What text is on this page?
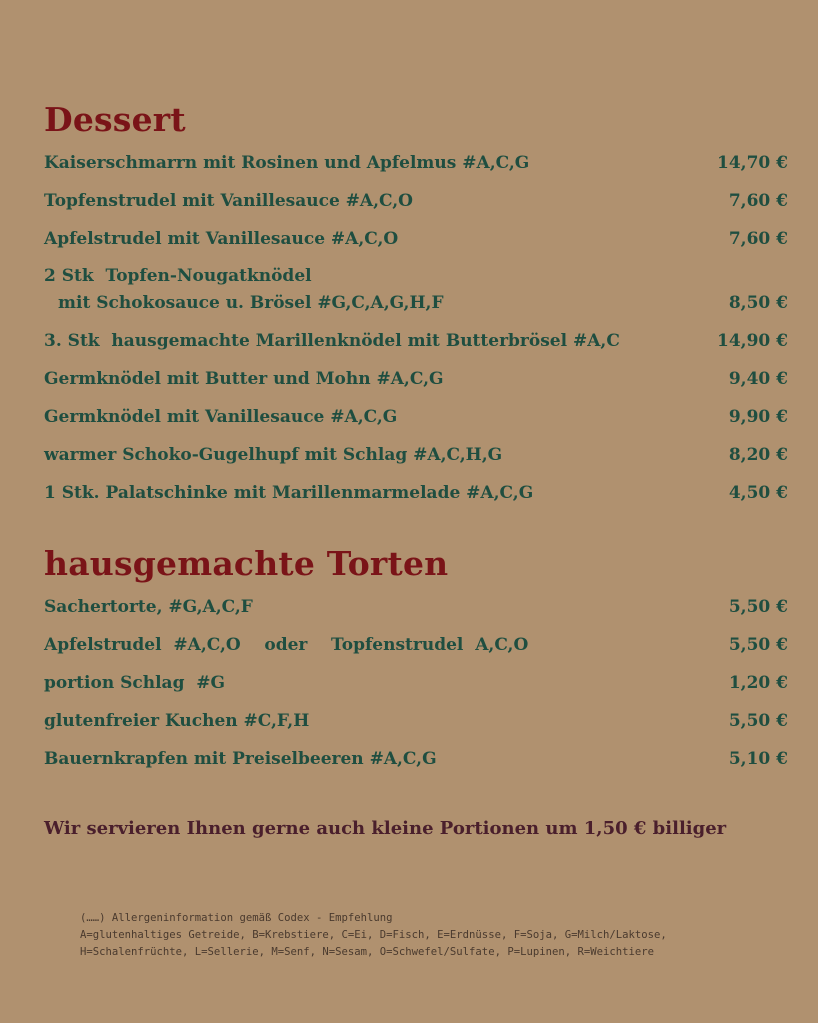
Dessert
Kaiserschmarrn mit Rosinen und Apfelmus #A,C,G	14,70 €
Topfenstrudel mit Vanillesauce #A,C,O	7,60 €
Apfelstrudel mit Vanillesauce #A,C,O	7,60 €
2 Stk  Topfen-Nougatknödel
mit Schokosauce u. Brösel #G,C,A,G,H,F	8,50 €
3. Stk  hausgemachte Marillenknödel mit Butterbrösel #A,C	14,90 €
Germknödel mit Butter und Mohn #A,C,G	9,40 €
Germknödel mit Vanillesauce #A,C,G	9,90 €
warmer Schoko-Gugelhupf mit Schlag #A,C,H,G	8,20 €
1 Stk. Palatschinke mit Marillenmarmelade #A,C,G	4,50 €
hausgemachte Torten
Sachertorte, #G,A,C,F	5,50 €
Apfelstrudel  #A,C,O    oder    Topfenstrudel  A,C,O	5,50 €
portion Schlag  #G	1,20 €
glutenfreier Kuchen #C,F,H	5,50 €
Bauernkrapfen mit Preiselbeeren #A,C,G	5,10 €
Wir servieren Ihnen gerne auch kleine Portionen um 1,50 € billiger
(……) Allergeninformation gemäß Codex - Empfehlung
A=glutenhaltiges Getreide, B=Krebstiere, C=Ei, D=Fisch, E=Erdnüsse, F=Soja, G=Milch/Laktose,
H=Schalenfrüchte, L=Sellerie, M=Senf, N=Sesam, O=Schwefel/Sulfate, P=Lupinen, R=Weichtiere
